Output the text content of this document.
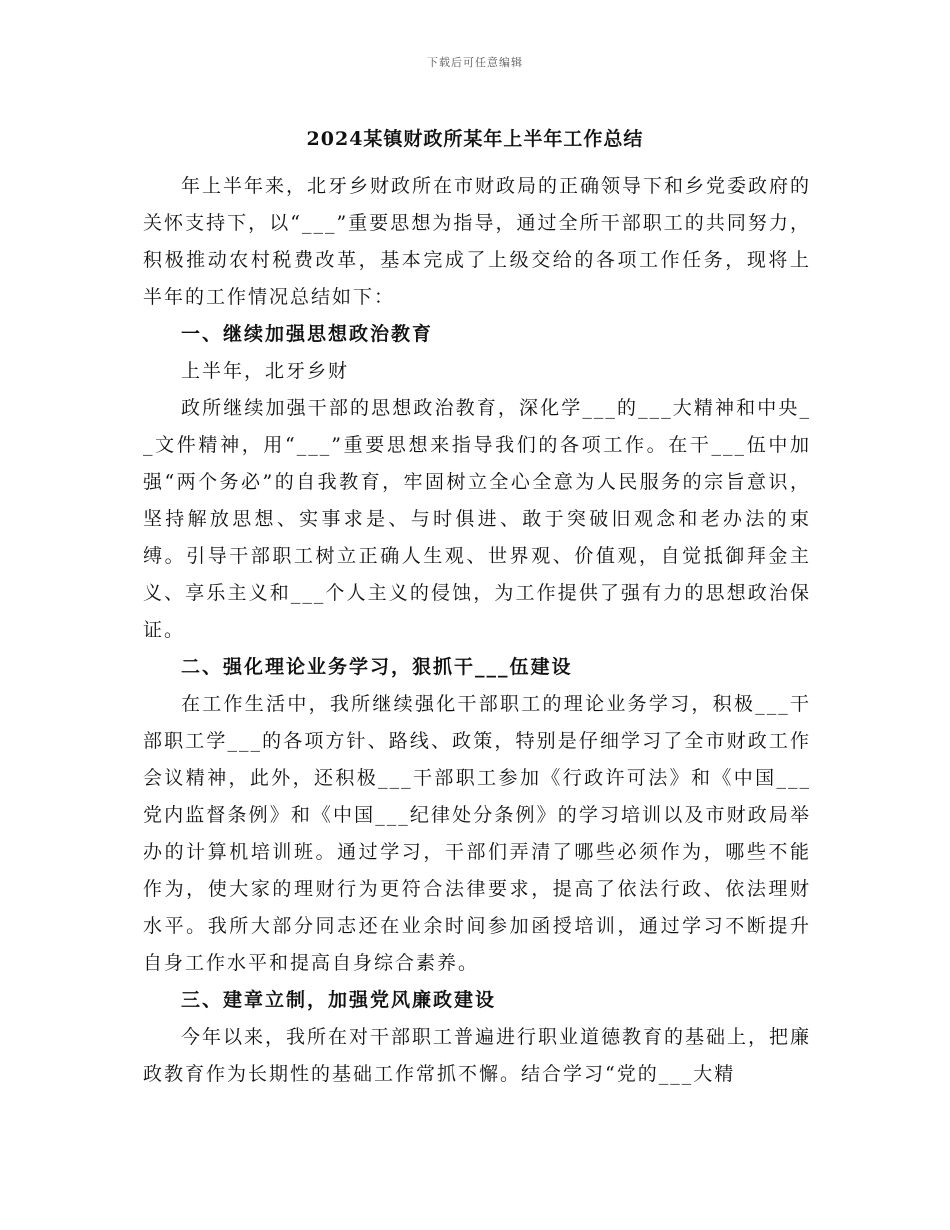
下载后可任意编辑
2024某镇财政所某年上半年工作总结

年上半年来，北牙乡财政所在市财政局的正确领导下和乡党委政府的关怀支持下，以“___”重要思想为指导，通过全所干部职工的共同努力，积极推动农村税费改革，基本完成了上级交给的各项工作任务，现将上半年的工作情况总结如下：

一、继续加强思想政治教育

上半年，北牙乡财

政所继续加强干部的思想政治教育，深化学___的___大精神和中央__文件精神，用“___”重要思想来指导我们的各项工作。在干___伍中加强“两个务必”的自我教育，牢固树立全心全意为人民服务的宗旨意识，坚持解放思想、实事求是、与时俱进、敢于突破旧观念和老办法的束缚。引导干部职工树立正确人生观、世界观、价值观，自觉抵御拜金主义、享乐主义和___个人主义的侵蚀，为工作提供了强有力的思想政治保证。

二、强化理论业务学习，狠抓干___伍建设

在工作生活中，我所继续强化干部职工的理论业务学习，积极___干部职工学___的各项方针、路线、政策，特别是仔细学习了全市财政工作会议精神，此外，还积极___干部职工参加《行政许可法》和《中国___党内监督条例》和《中国___纪律处分条例》的学习培训以及市财政局举办的计算机培训班。通过学习，干部们弄清了哪些必须作为，哪些不能作为，使大家的理财行为更符合法律要求，提高了依法行政、依法理财水平。我所大部分同志还在业余时间参加函授培训，通过学习不断提升自身工作水平和提高自身综合素养。

三、建章立制，加强党风廉政建设

今年以来，我所在对干部职工普遍进行职业道德教育的基础上，把廉政教育作为长期性的基础工作常抓不懈。结合学习“党的___大精
